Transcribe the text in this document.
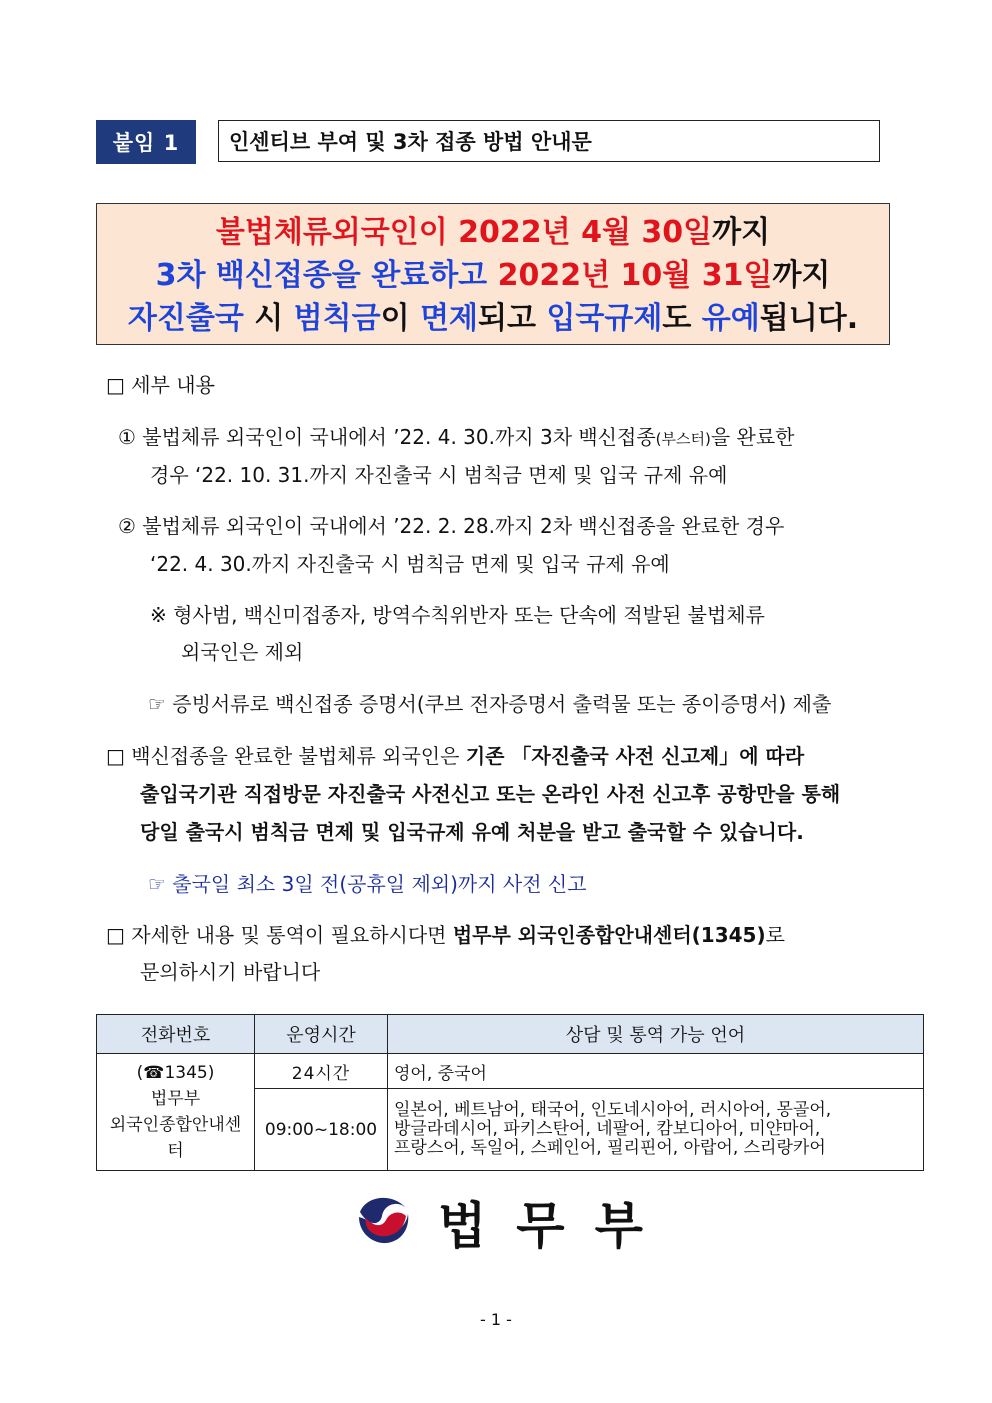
붙임 1	인센티브 부여 및 3차 접종 방법 안내문
불법체류외국인이 2022년 4월 30일까지
3차 백신접종을 완료하고 2022년 10월 31일까지
자진출국 시 범칙금이 면제되고 입국규제도 유예됩니다.
□ 세부 내용
① 불법체류 외국인이 국내에서 ’22. 4. 30.까지 3차 백신접종(부스터)을 완료한
경우 ‘22. 10. 31.까지 자진출국 시 범칙금 면제 및 입국 규제 유예
② 불법체류 외국인이 국내에서 ’22. 2. 28.까지 2차 백신접종을 완료한 경우
‘22. 4. 30.까지 자진출국 시 범칙금 면제 및 입국 규제 유예
※ 형사범, 백신미접종자, 방역수칙위반자 또는 단속에 적발된 불법체류
외국인은 제외
☞ 증빙서류로 백신접종 증명서(쿠브 전자증명서 출력물 또는 종이증명서) 제출
□ 백신접종을 완료한 불법체류 외국인은 기존 「자진출국 사전 신고제」에 따라
출입국기관 직접방문 자진출국 사전신고 또는 온라인 사전 신고후 공항만을 통해
당일 출국시 범칙금 면제 및 입국규제 유예 처분을 받고 출국할 수 있습니다.
☞ 출국일 최소 3일 전(공휴일 제외)까지 사전 신고
□ 자세한 내용 및 통역이 필요하시다면 법무부 외국인종합안내센터(1345)로
문의하시기 바랍니다
전화번호	운영시간	상담 및 통역 가능 언어

(☎1345)
법무부
외국인종합안내센터	24시간	영어, 중국어
	09:00~18:00	일본어, 베트남어, 태국어, 인도네시아어, 러시아어, 몽골어,
방글라데시어, 파키스탄어, 네팔어, 캄보디아어, 미얀마어,
프랑스어, 독일어, 스페인어, 필리핀어, 아랍어, 스리랑카어
법무부
- 1 -
